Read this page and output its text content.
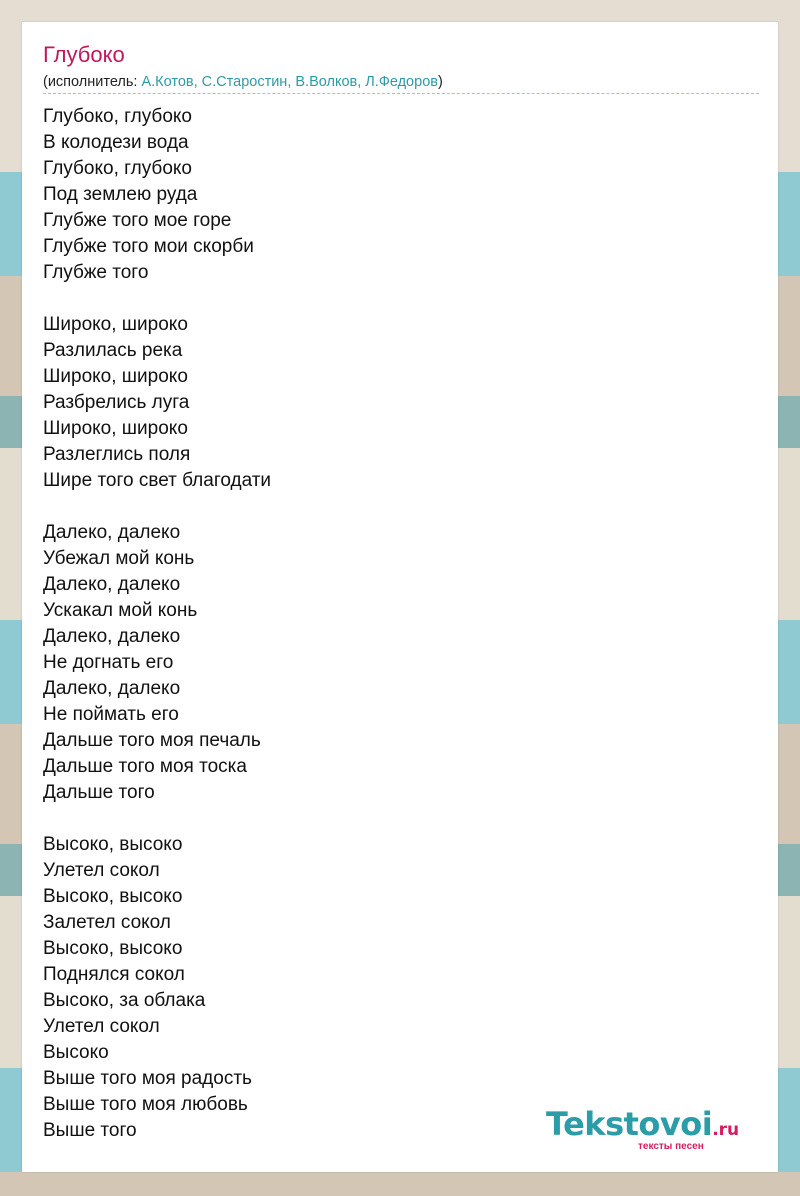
Глубоко
(исполнитель: А.Котов, С.Старостин, В.Волков, Л.Федоров)
Глубоко, глубоко
В колодези вода
Глубоко, глубоко
Под землею руда
Глубже того мое горе
Глубже того мои скорби
Глубже того
Широко, широко
Разлилась река
Широко, широко
Разбрелись луга
Широко, широко
Разлеглись поля
Шире того свет благодати
Далеко, далеко
Убежал мой конь
Далеко, далеко
Ускакал мой конь
Далеко, далеко
Не догнать его
Далеко, далеко
Не поймать его
Дальше того моя печаль
Дальше того моя тоска
Дальше того
Высоко, высоко
Улетел сокол
Высоко, высоко
Залетел сокол
Высоко, высоко
Поднялся сокол
Высоко, за облака
Улетел сокол
Высоко
Выше того моя радость
Выше того моя любовь
Выше того	Tekstovoi.ru
тексты песен
